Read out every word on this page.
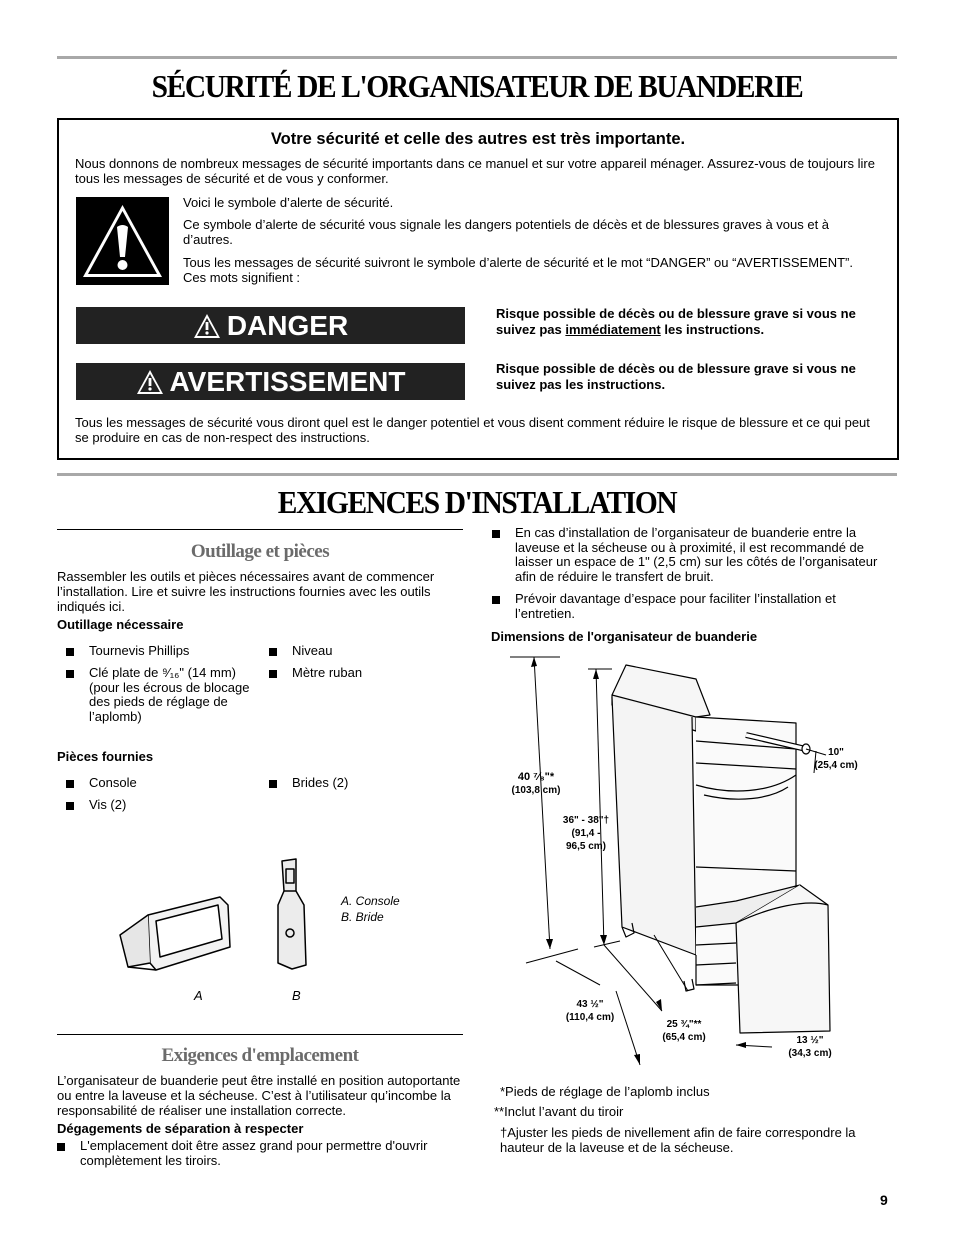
SÉCURITÉ DE L'ORGANISATEUR DE BUANDERIE
Votre sécurité et celle des autres est très importante.
Nous donnons de nombreux messages de sécurité importants dans ce manuel et sur votre appareil ménager. Assurez-vous de toujours lire tous les messages de sécurité et de vous y conformer.
Voici le symbole d’alerte de sécurité.
Ce symbole d’alerte de sécurité vous signale les dangers potentiels de décès et de blessures graves à vous et à d’autres.
Tous les messages de sécurité suivront le symbole d’alerte de sécurité et le mot “DANGER” ou “AVERTISSEMENT”. Ces mots signifient :
DANGER	Risque possible de décès ou de blessure grave si vous ne suivez pas immédiatement les instructions.
AVERTISSEMENT	Risque possible de décès ou de blessure grave si vous ne suivez pas les instructions.
Tous les messages de sécurité vous diront quel est le danger potentiel et vous disent comment réduire le risque de blessure et ce qui peut se produire en cas de non-respect des instructions.
EXIGENCES D'INSTALLATION
Outillage et pièces
Rassembler les outils et pièces nécessaires avant de commencer l’installation. Lire et suivre les instructions fournies avec les outils indiqués ici.
Outillage nécessaire
Tournevis Phillips
Clé plate de ⁹⁄₁₆" (14 mm) (pour les écrous de blocage des pieds de réglage de l’aplomb)
Niveau
Mètre ruban
Pièces fournies
Console
Vis (2)
Brides (2)
A. Console
B. Bride
A	B
Exigences d'emplacement
L’organisateur de buanderie peut être installé en position autoportante ou entre la laveuse et la sécheuse. C’est à l’utilisateur qu’incombe la responsabilité de réaliser une installation correcte.
Dégagements de séparation à respecter
L'emplacement doit être assez grand pour permettre d'ouvrir complètement les tiroirs.
En cas d’installation de l’organisateur de buanderie entre la laveuse et la sécheuse ou à proximité, il est recommandé de laisser un espace de 1" (2,5 cm) sur les côtés de l’organisateur afin de réduire le transfert de bruit.
Prévoir davantage d’espace pour faciliter l’installation et l’entretien.
Dimensions de l'organisateur de buanderie
40 ⁷⁄₈"*
(103,8 cm)
36" - 38"†
(91,4 -
96,5 cm)
10"
(25,4 cm)
43 ½"
(110,4 cm)
25 ¾"**
(65,4 cm)	13 ½"
(34,3 cm)
*Pieds de réglage de l’aplomb inclus
**Inclut l’avant du tiroir
†Ajuster les pieds de nivellement afin de faire correspondre la hauteur de la laveuse et de la sécheuse.
9
